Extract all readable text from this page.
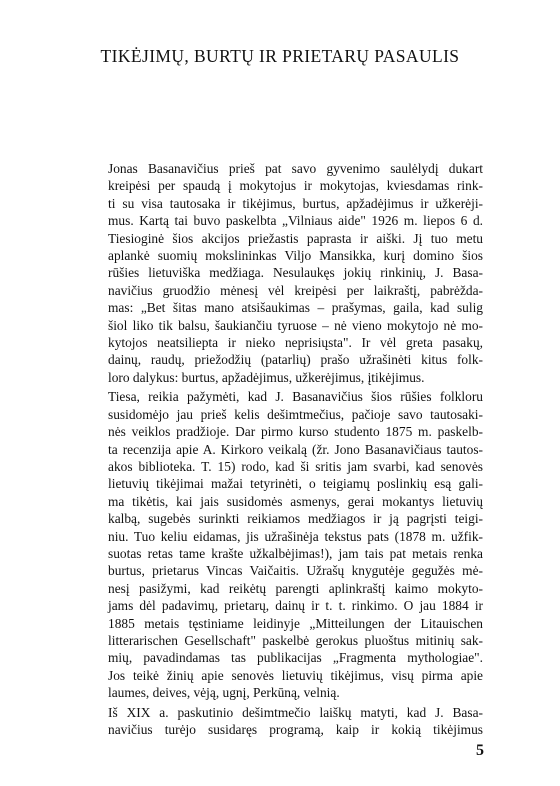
TIKĖJIMŲ, BURTŲ IR PRIETARŲ PASAULIS

Jonas Basanavičius prieš pat savo gyvenimo saulėlydį dukart
kreipėsi per spaudą į mokytojus ir mokytojas, kviesdamas rink-
ti su visa tautosaka ir tikėjimus, burtus, apžadėjimus ir užkerėji-
mus. Kartą tai buvo paskelbta „Vilniaus aide" 1926 m. liepos 6 d.
Tiesioginė šios akcijos priežastis paprasta ir aiški. Jį tuo metu
aplankė suomių mokslininkas Viljo Mansikka, kurį domino šios
rūšies lietuviška medžiaga. Nesulaukęs jokių rinkinių, J. Basa-
navičius gruodžio mėnesį vėl kreipėsi per laikraštį, pabrėžda-
mas: „Bet šitas mano atsišaukimas – prašymas, gaila, kad sulig
šiol liko tik balsu, šaukiančiu tyruose – nė vieno mokytojo nė mo-
kytojos neatsiliepta ir nieko neprisiųsta". Ir vėl greta pasakų,
dainų, raudų, priežodžių (patarlių) prašo užrašinėti kitus folk-
loro dalykus: burtus, apžadėjimus, užkerėjimus, įtikėjimus.

Tiesa, reikia pažymėti, kad J. Basanavičius šios rūšies folkloru
susidomėjo jau prieš kelis dešimtmečius, pačioje savo tautosaki-
nės veiklos pradžioje. Dar pirmo kurso studento 1875 m. paskelb-
ta recenzija apie A. Kirkoro veikalą (žr. Jono Basanavičiaus tautos-
akos biblioteka. T. 15) rodo, kad ši sritis jam svarbi, kad senovės
lietuvių tikėjimai mažai tetyrinėti, o teigiamų poslinkių esą gali-
ma tikėtis, kai jais susidomės asmenys, gerai mokantys lietuvių
kalbą, sugebės surinkti reikiamos medžiagos ir ją pagrįsti teigi-
niu. Tuo keliu eidamas, jis užrašinėja tekstus pats (1878 m. užfik-
suotas retas tame krašte užkalbėjimas!), jam tais pat metais renka
burtus, prietarus Vincas Vaičaitis. Užrašų knygutėje gegužės mė-
nesį pasižymi, kad reikėtų parengti aplinkraštį kaimo mokyto-
jams dėl padavimų, prietarų, dainų ir t. t. rinkimo. O jau 1884 ir
1885 metais tęstiniame leidinyje „Mitteilungen der Litauischen
litterarischen Gesellschaft" paskelbė gerokus pluoštus mitinių sak-
mių, pavadindamas tas publikacijas „Fragmenta mythologiae".
Jos teikė žinių apie senovės lietuvių tikėjimus, visų pirma apie
laumes, deives, vėją, ugnį, Perkūną, velnią.

Iš XIX a. paskutinio dešimtmečio laiškų matyti, kad J. Basa-
navičius turėjo susidaręs programą, kaip ir kokią tikėjimus

5
